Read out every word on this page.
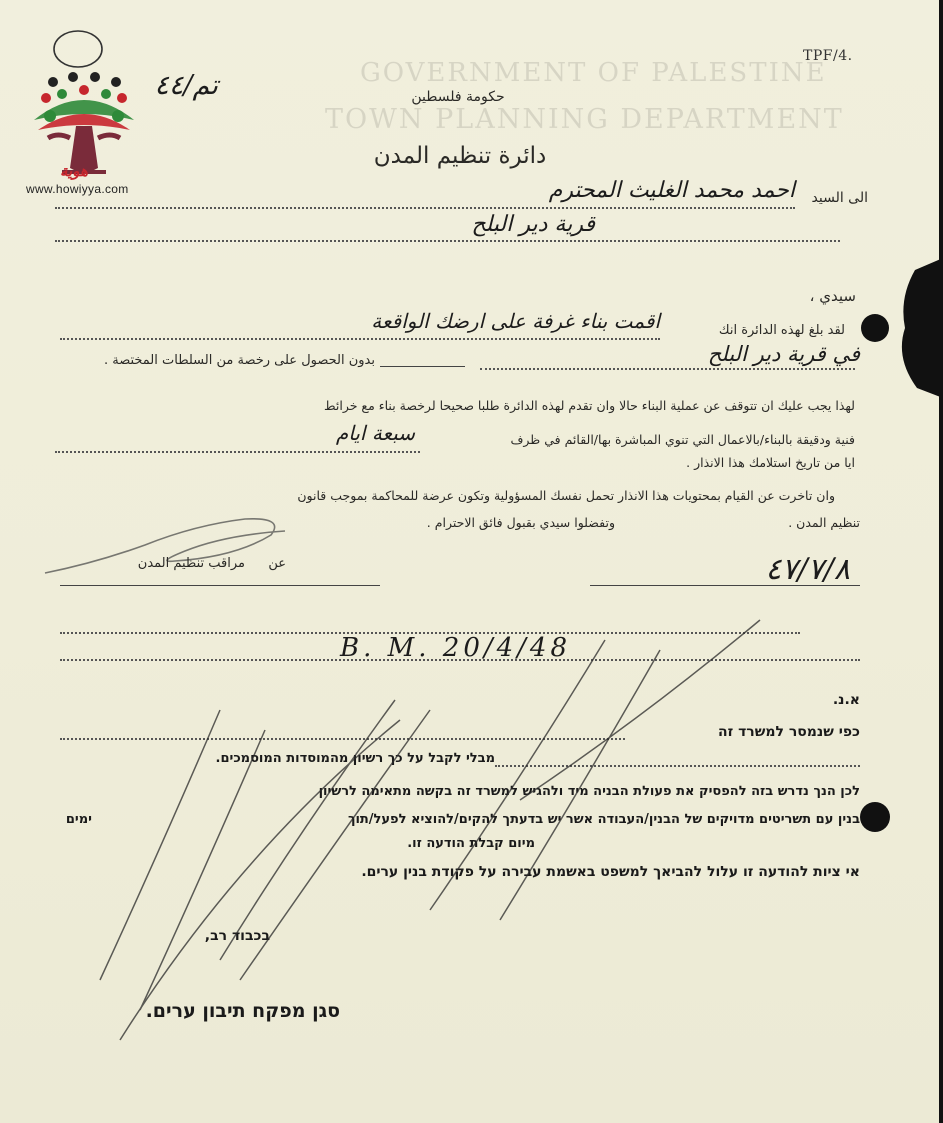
GOVERNMENT OF PALESTINE
TOWN PLANNING DEPARTMENT
هوية
www.howiyya.com
تم/٤٤
TPF/4.
حكومة فلسطين
دائرة تنظيم المدن
الى السيد
احمد محمد الغليث المحترم
قرية دير البلح
سيدي ،
لقد بلغ لهذه الدائرة انك
اقمت بناء غرفة على ارضك الواقعة
في قرية دير البلح
بدون الحصول على رخصة من السلطات المختصة .
لهذا يجب عليك ان تتوقف عن عملية البناء حالا وان تقدم لهذه الدائرة طلبا صحيحا لرخصة بناء مع خرائط
فنية ودقيقة بالبناء/بالاعمال التي تنوي المباشرة بها/القائم في ظرف
سبعة ايام
ايا من تاريخ استلامك هذا الانذار .
وان تاخرت عن القيام بمحتويات هذا الانذار تحمل نفسك المسؤولية وتكون عرضة للمحاكمة بموجب قانون
تنظيم المدن .
وتفضلوا سيدي بقبول فائق الاحترام .
عن
مراقب تنظيم المدن	٤٧/٧/٨
B. M. 20/4/48
א.נ.
כפי שנמסר למשרד זה
מבלי לקבל על כך רשיון מהמוסדות המוסמכים.
לכן הנך נדרש בזה להפסיק את פעולת הבניה מיד ולהגיש למשרד זה בקשה מתאימה לרשיון
בנין עם תשריטים מדויקים של הבנין/העבודה אשר יש בדעתך להקים/להוציא לפעל/תוך
ימים
מיום קבלת הודעה זו.
אי ציות להודעה זו עלול להביאך למשפט באשמת עבירה על פקודת בנין ערים.
בכבוד רב,
סגן מפקח תיבון ערים.
